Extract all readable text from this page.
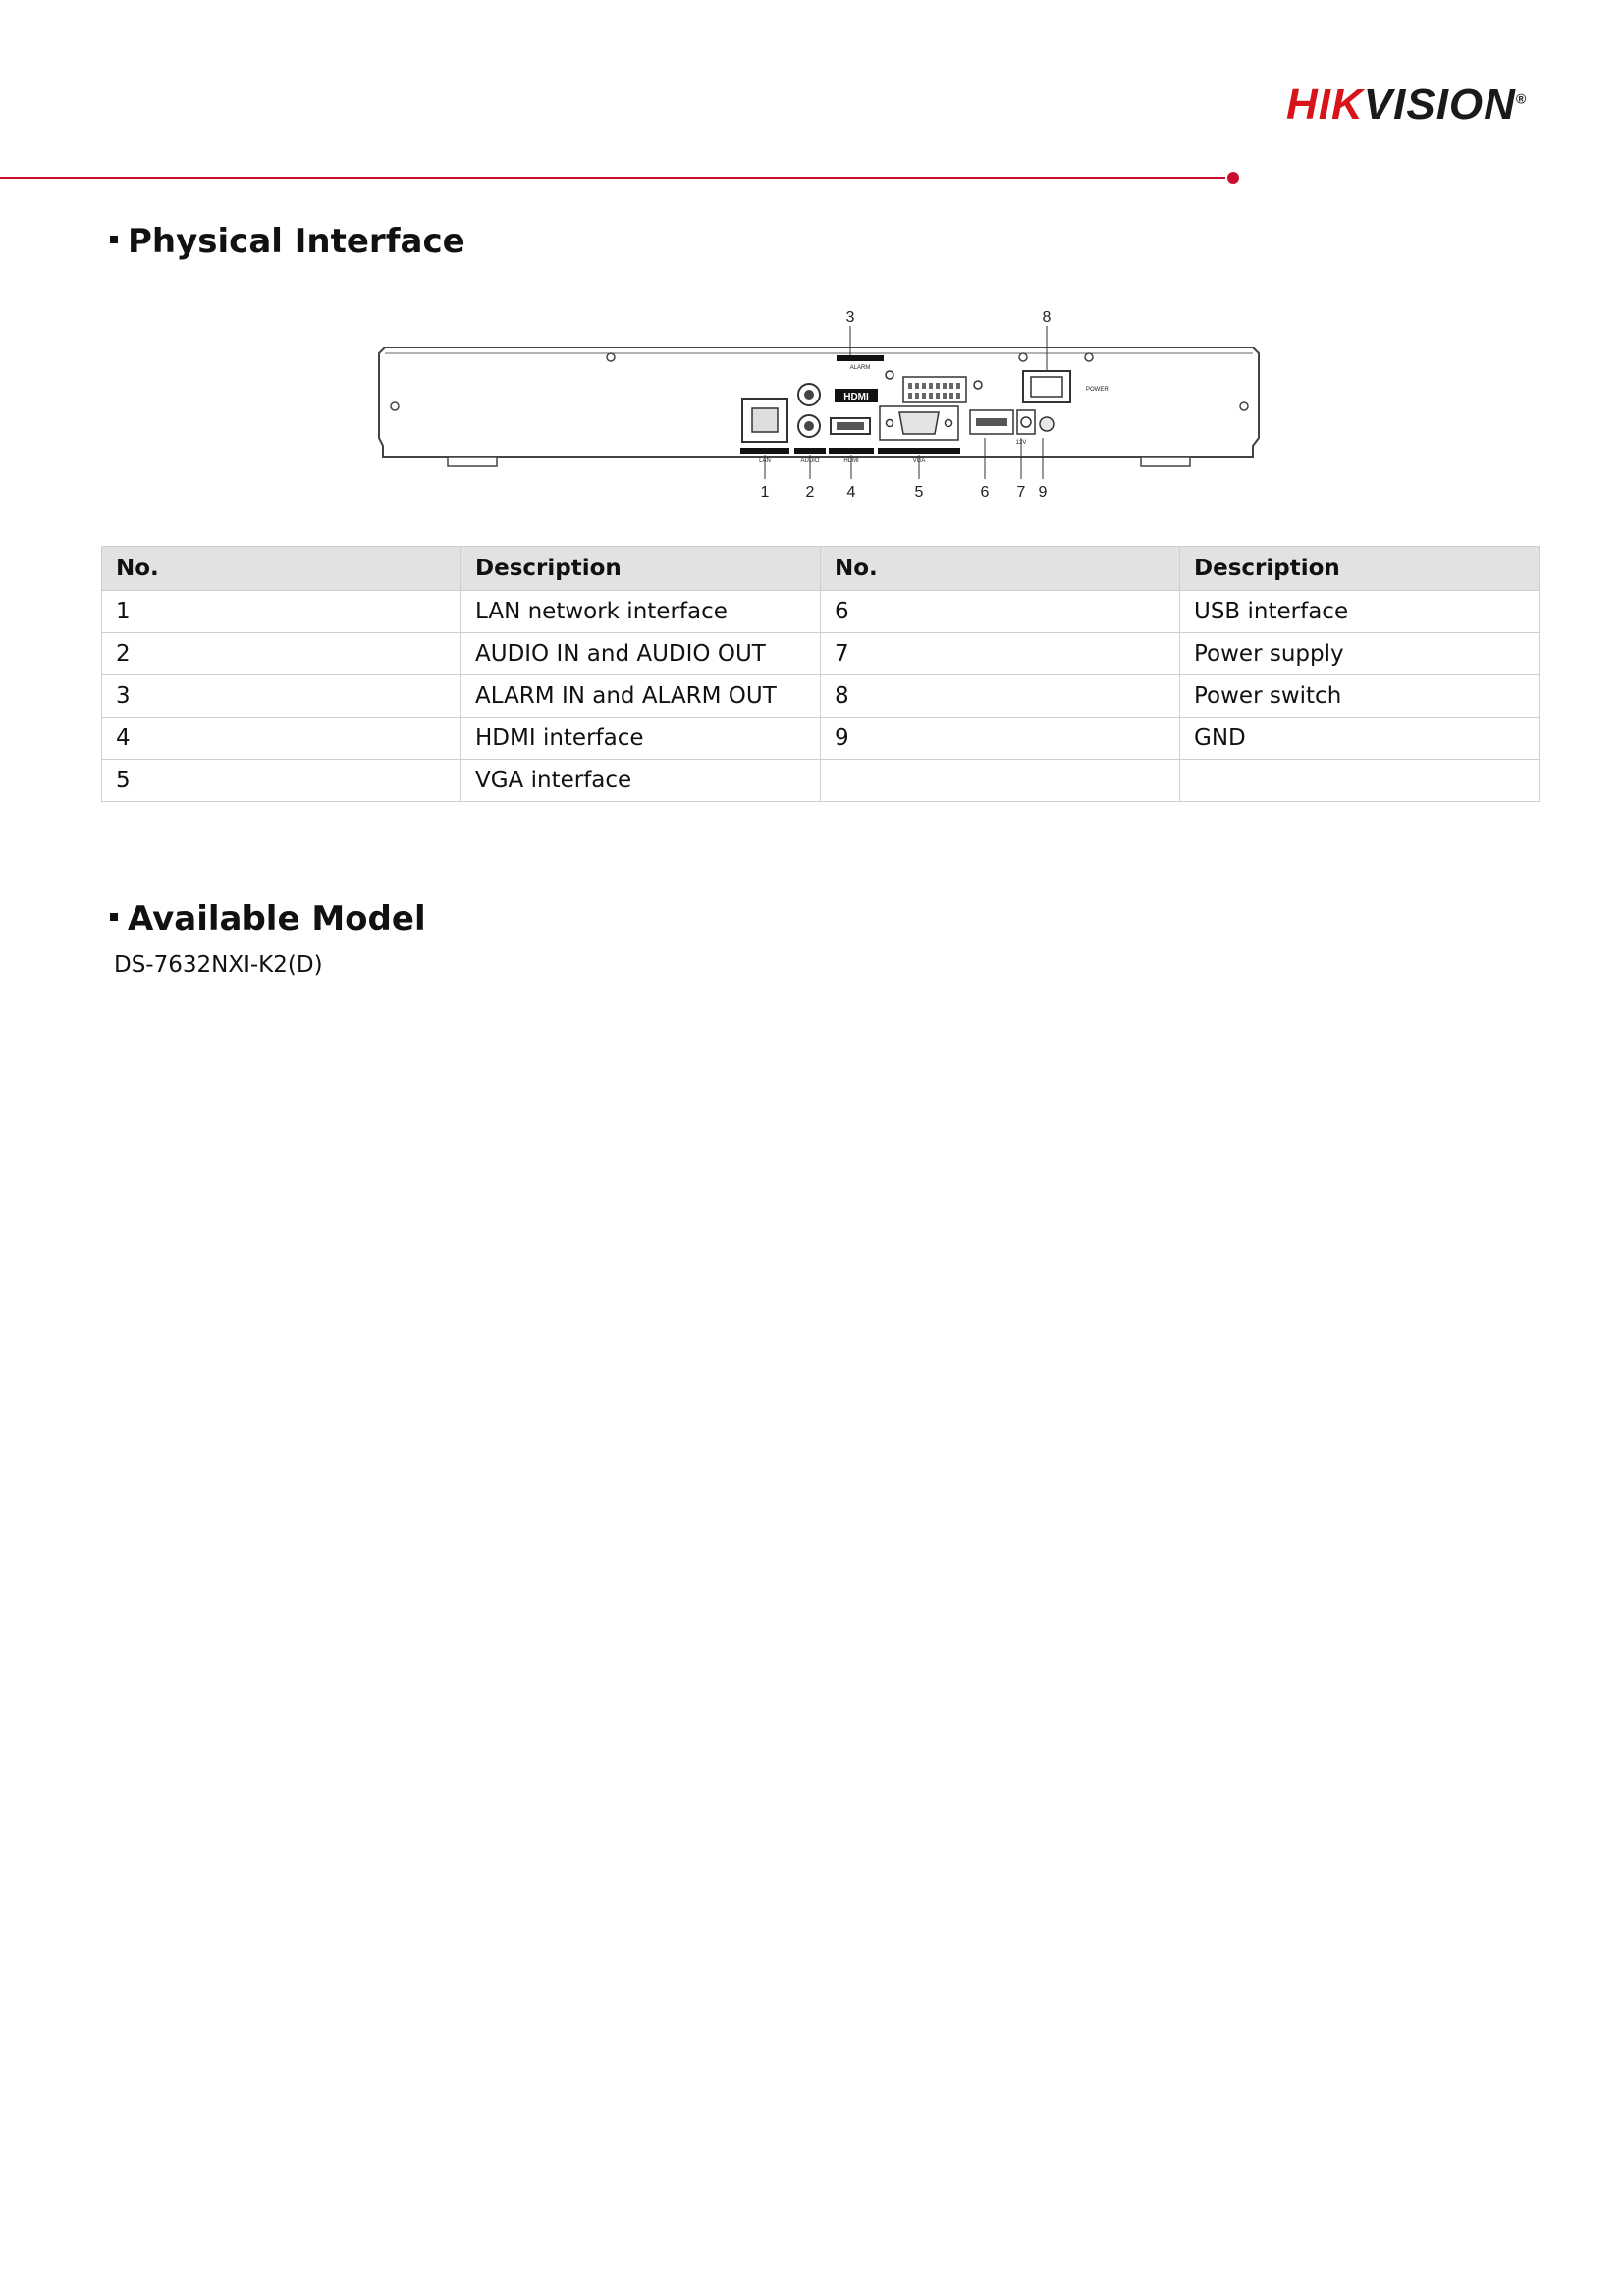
HIKVISION®
Physical Interface
HDMI
3	8
1 2 4	5	6 7 9
LAN	AUDIO	HDMI	VGA
12V
POWER
ALARM
No.	Description	No.	Description
1	LAN network interface	6	USB interface
2	AUDIO IN and AUDIO OUT	7	Power supply
3	ALARM IN and ALARM OUT	8	Power switch
4	HDMI interface	9	GND
5	VGA interface		
Available Model
DS-7632NXI-K2(D)
